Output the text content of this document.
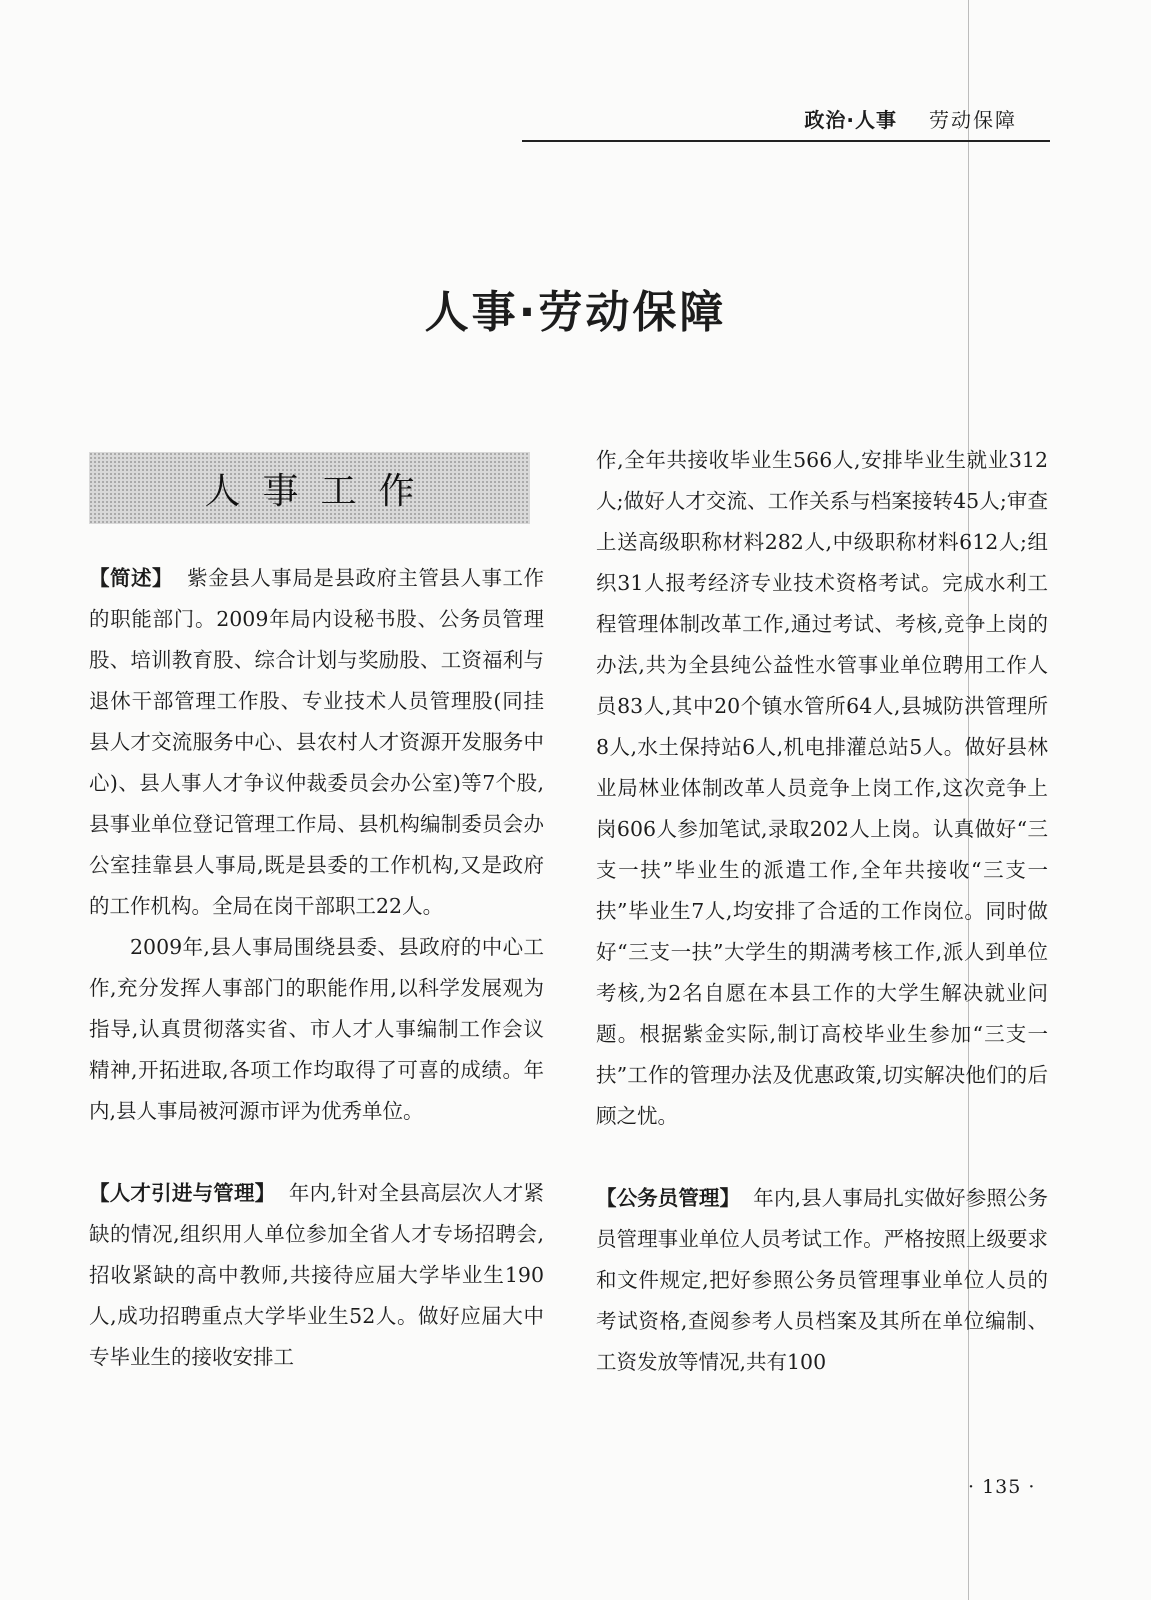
政治·人事 劳动保障
人事·劳动保障
人事工作

【简述】 紫金县人事局是县政府主管县人事工作的职能部门。2009年局内设秘书股、公务员管理股、培训教育股、综合计划与奖励股、工资福利与退休干部管理工作股、专业技术人员管理股(同挂县人才交流服务中心、县农村人才资源开发服务中心)、县人事人才争议仲裁委员会办公室)等7个股,县事业单位登记管理工作局、县机构编制委员会办公室挂靠县人事局,既是县委的工作机构,又是政府的工作机构。全局在岗干部职工22人。

2009年,县人事局围绕县委、县政府的中心工作,充分发挥人事部门的职能作用,以科学发展观为指导,认真贯彻落实省、市人才人事编制工作会议精神,开拓进取,各项工作均取得了可喜的成绩。年内,县人事局被河源市评为优秀单位。

【人才引进与管理】 年内,针对全县高层次人才紧缺的情况,组织用人单位参加全省人才专场招聘会,招收紧缺的高中教师,共接待应届大学毕业生190人,成功招聘重点大学毕业生52人。做好应届大中专毕业生的接收安排工

作,全年共接收毕业生566人,安排毕业生就业312人;做好人才交流、工作关系与档案接转45人;审查上送高级职称材料282人,中级职称材料612人;组织31人报考经济专业技术资格考试。完成水利工程管理体制改革工作,通过考试、考核,竞争上岗的办法,共为全县纯公益性水管事业单位聘用工作人员83人,其中20个镇水管所64人,县城防洪管理所8人,水土保持站6人,机电排灌总站5人。做好县林业局林业体制改革人员竞争上岗工作,这次竞争上岗606人参加笔试,录取202人上岗。认真做好“三支一扶”毕业生的派遣工作,全年共接收“三支一扶”毕业生7人,均安排了合适的工作岗位。同时做好“三支一扶”大学生的期满考核工作,派人到单位考核,为2名自愿在本县工作的大学生解决就业问题。根据紫金实际,制订高校毕业生参加“三支一扶”工作的管理办法及优惠政策,切实解决他们的后顾之忧。

【公务员管理】 年内,县人事局扎实做好参照公务员管理事业单位人员考试工作。严格按照上级要求和文件规定,把好参照公务员管理事业单位人员的考试资格,查阅参考人员档案及其所在单位编制、工资发放等情况,共有100

· 135 ·
